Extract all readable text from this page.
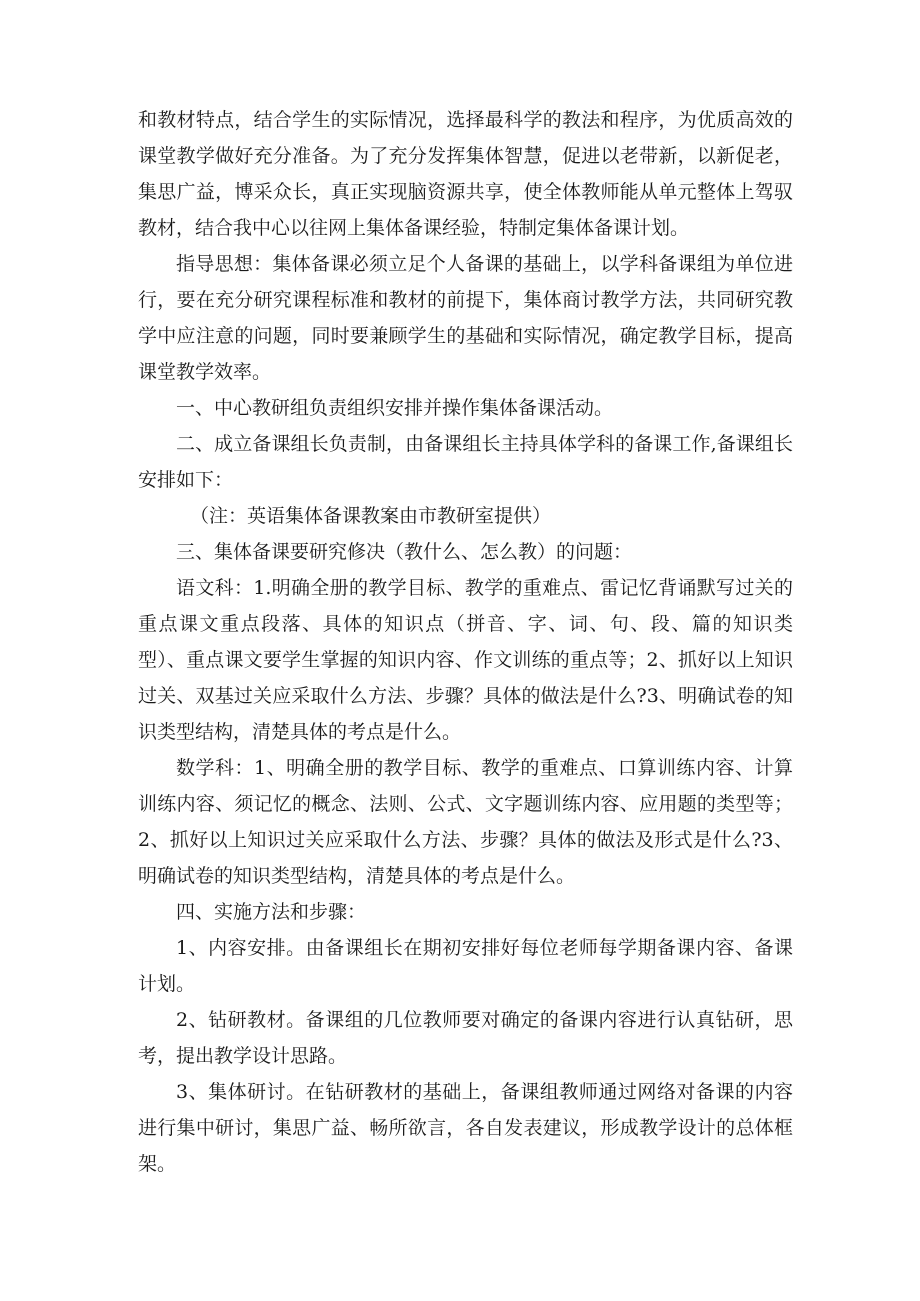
和教材特点，结合学生的实际情况，选择最科学的教法和程序，为优质高效的课堂教学做好充分准备。为了充分发挥集体智慧，促进以老带新，以新促老，集思广益，博采众长，真正实现脑资源共享，使全体教师能从单元整体上驾驭教材，结合我中心以往网上集体备课经验，特制定集体备课计划。

指导思想：集体备课必须立足个人备课的基础上，以学科备课组为单位进行，要在充分研究课程标准和教材的前提下，集体商讨教学方法，共同研究教学中应注意的问题，同时要兼顾学生的基础和实际情况，确定教学目标，提高课堂教学效率。

一、中心教研组负责组织安排并操作集体备课活动。

二、成立备课组长负责制，由备课组长主持具体学科的备课工作,备课组长安排如下：

（注：英语集体备课教案由市教研室提供）

三、集体备课要研究修决（教什么、怎么教）的问题：

语文科：1.明确全册的教学目标、教学的重难点、雷记忆背诵默写过关的重点课文重点段落、具体的知识点（拼音、字、词、句、段、篇的知识类型）、重点课文要学生掌握的知识内容、作文训练的重点等；2、抓好以上知识过关、双基过关应采取什么方法、步骤？具体的做法是什么?3、明确试卷的知识类型结构，清楚具体的考点是什么。

数学科：1、明确全册的教学目标、教学的重难点、口算训练内容、计算训练内容、须记忆的概念、法则、公式、文字题训练内容、应用题的类型等；2、抓好以上知识过关应采取什么方法、步骤？具体的做法及形式是什么?3、明确试卷的知识类型结构，清楚具体的考点是什么。

四、实施方法和步骤：

1、内容安排。由备课组长在期初安排好每位老师每学期备课内容、备课计划。

2、钻研教材。备课组的几位教师要对确定的备课内容进行认真钻研，思考，提出教学设计思路。

3、集体研讨。在钻研教材的基础上，备课组教师通过网络对备课的内容进行集中研讨，集思广益、畅所欲言，各自发表建议，形成教学设计的总体框架。
